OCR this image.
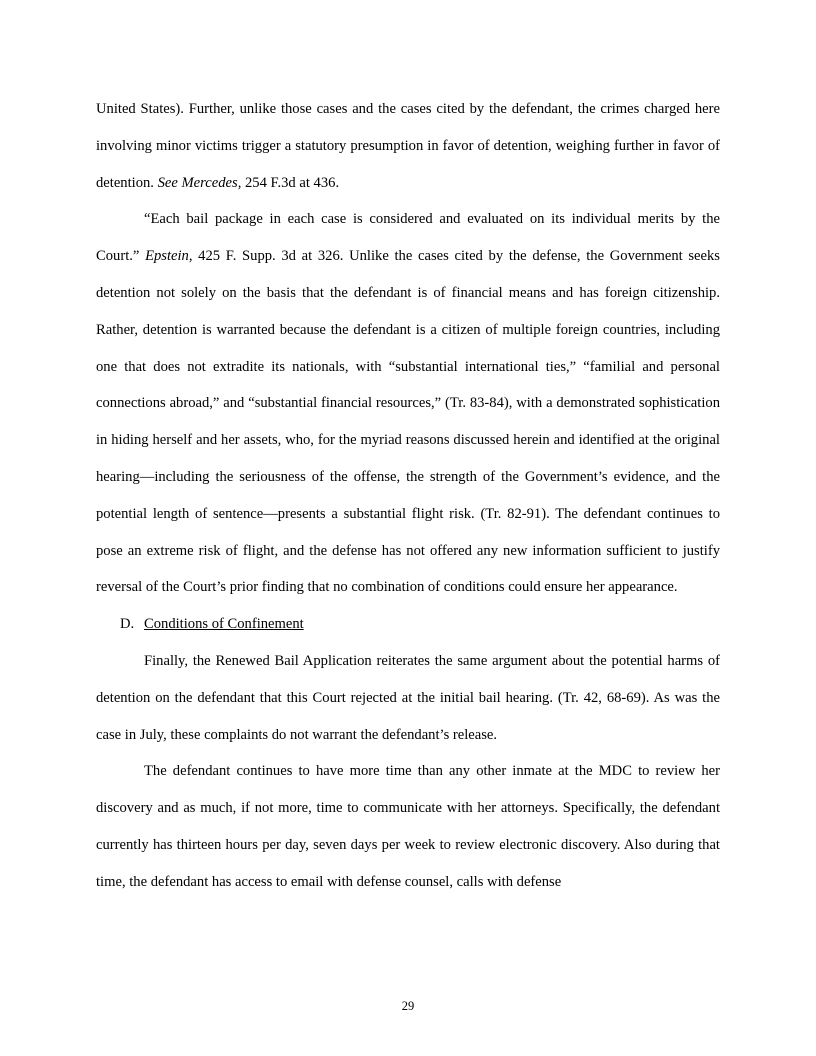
United States). Further, unlike those cases and the cases cited by the defendant, the crimes charged here involving minor victims trigger a statutory presumption in favor of detention, weighing further in favor of detention. See Mercedes, 254 F.3d at 436.

“Each bail package in each case is considered and evaluated on its individual merits by the Court.” Epstein, 425 F. Supp. 3d at 326. Unlike the cases cited by the defense, the Government seeks detention not solely on the basis that the defendant is of financial means and has foreign citizenship. Rather, detention is warranted because the defendant is a citizen of multiple foreign countries, including one that does not extradite its nationals, with “substantial international ties,” “familial and personal connections abroad,” and “substantial financial resources,” (Tr. 83-84), with a demonstrated sophistication in hiding herself and her assets, who, for the myriad reasons discussed herein and identified at the original hearing—including the seriousness of the offense, the strength of the Government’s evidence, and the potential length of sentence—presents a substantial flight risk. (Tr. 82-91). The defendant continues to pose an extreme risk of flight, and the defense has not offered any new information sufficient to justify reversal of the Court’s prior finding that no combination of conditions could ensure her appearance.

D. Conditions of Confinement

Finally, the Renewed Bail Application reiterates the same argument about the potential harms of detention on the defendant that this Court rejected at the initial bail hearing. (Tr. 42, 68-69). As was the case in July, these complaints do not warrant the defendant’s release.

The defendant continues to have more time than any other inmate at the MDC to review her discovery and as much, if not more, time to communicate with her attorneys. Specifically, the defendant currently has thirteen hours per day, seven days per week to review electronic discovery. Also during that time, the defendant has access to email with defense counsel, calls with defense

29
